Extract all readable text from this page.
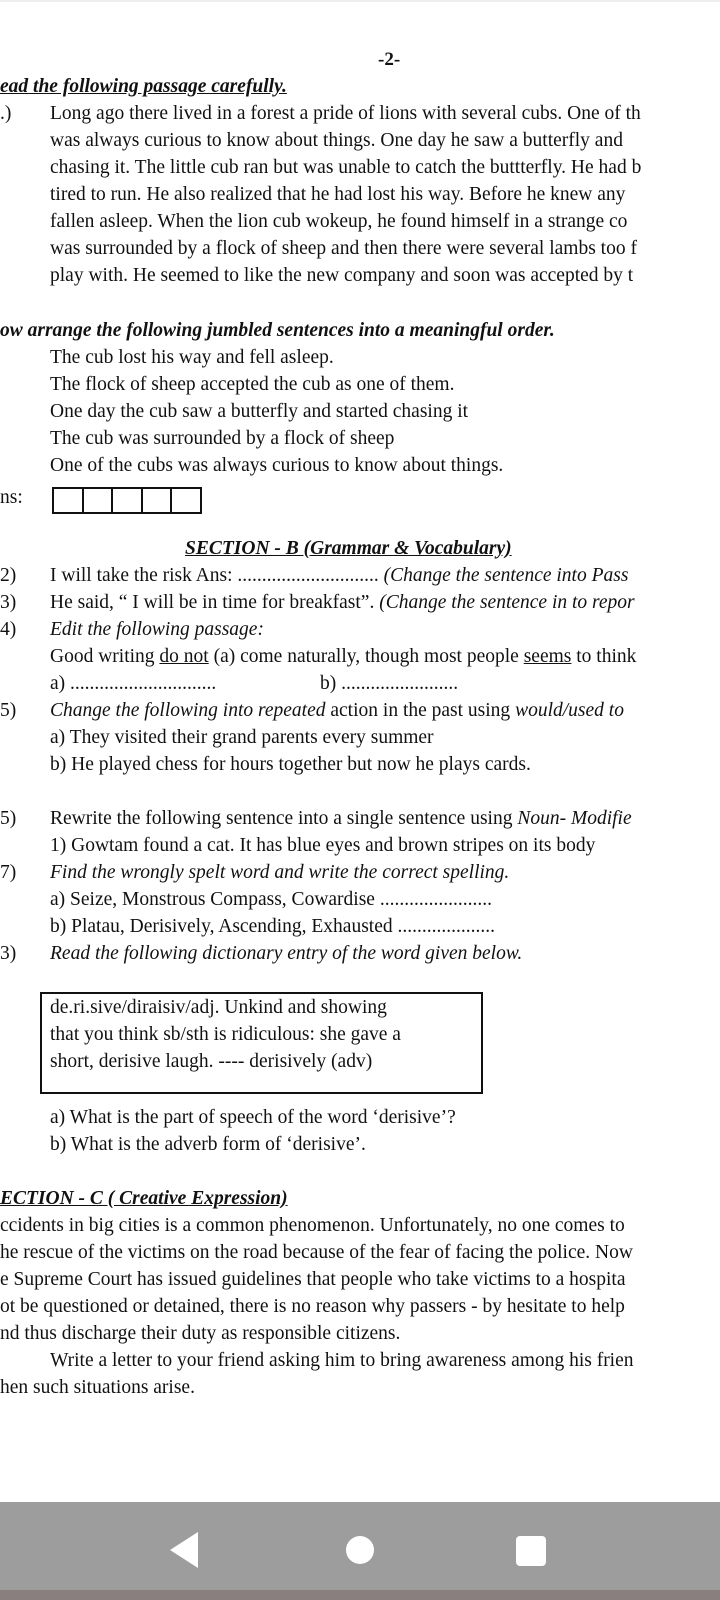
-2-
ead the following passage carefully.
.) Long ago there lived in a forest a pride of lions with several cubs. One of th
was always curious to know about things. One day he saw a butterfly and
chasing it. The little cub ran but was unable to catch the buttterfly. He had b
tired to run. He also realized that he had lost his way. Before he knew any
fallen asleep. When the lion cub wokeup, he found himself in a strange co
was surrounded by a flock of sheep and then there were several lambs too f
play with. He seemed to like the new company and soon was accepted by t
ow arrange the following jumbled sentences into a meaningful order.
The cub lost his way and fell asleep.
The flock of sheep accepted the cub as one of them.
One day the cub saw a butterfly and started chasing it
The cub was surrounded by a flock of sheep
One of the cubs was always curious to know about things.
ns:
SECTION - B (Grammar & Vocabulary)
2) I will take the risk Ans: ............................. (Change the sentence into Pass
3) He said, “ I will be in time for breakfast”. (Change the sentence in to repor
4) Edit the following passage:
Good writing do not (a) come naturally, though most people seems to think
a) ..............................	b) ........................
5) Change the following into repeated action in the past using would/used to
a) They visited their grand parents every summer
b) He played chess for hours together but now he plays cards.
5) Rewrite the following sentence into a single sentence using Noun- Modifie
1) Gowtam found a cat. It has blue eyes and brown stripes on its body
7) Find the wrongly spelt word and write the correct spelling.
a) Seize, Monstrous Compass, Cowardise .......................
b) Platau, Derisively, Ascending, Exhausted ....................
3) Read the following dictionary entry of the word given below.
de.ri.sive/diraisiv/adj. Unkind and showing
that you think sb/sth is ridiculous: she gave a
short, derisive laugh. ---- derisively (adv)
a) What is the part of speech of the word ‘derisive’?
b) What is the adverb form of ‘derisive’.
ECTION - C ( Creative Expression)
ccidents in big cities is a common phenomenon. Unfortunately, no one comes to
he rescue of the victims on the road because of the fear of facing the police. Now
e Supreme Court has issued guidelines that people who take victims to a hospita
ot be questioned or detained, there is no reason why passers - by hesitate to help
nd thus discharge their duty as responsible citizens.
Write a letter to your friend asking him to bring awareness among his frien
hen such situations arise.
